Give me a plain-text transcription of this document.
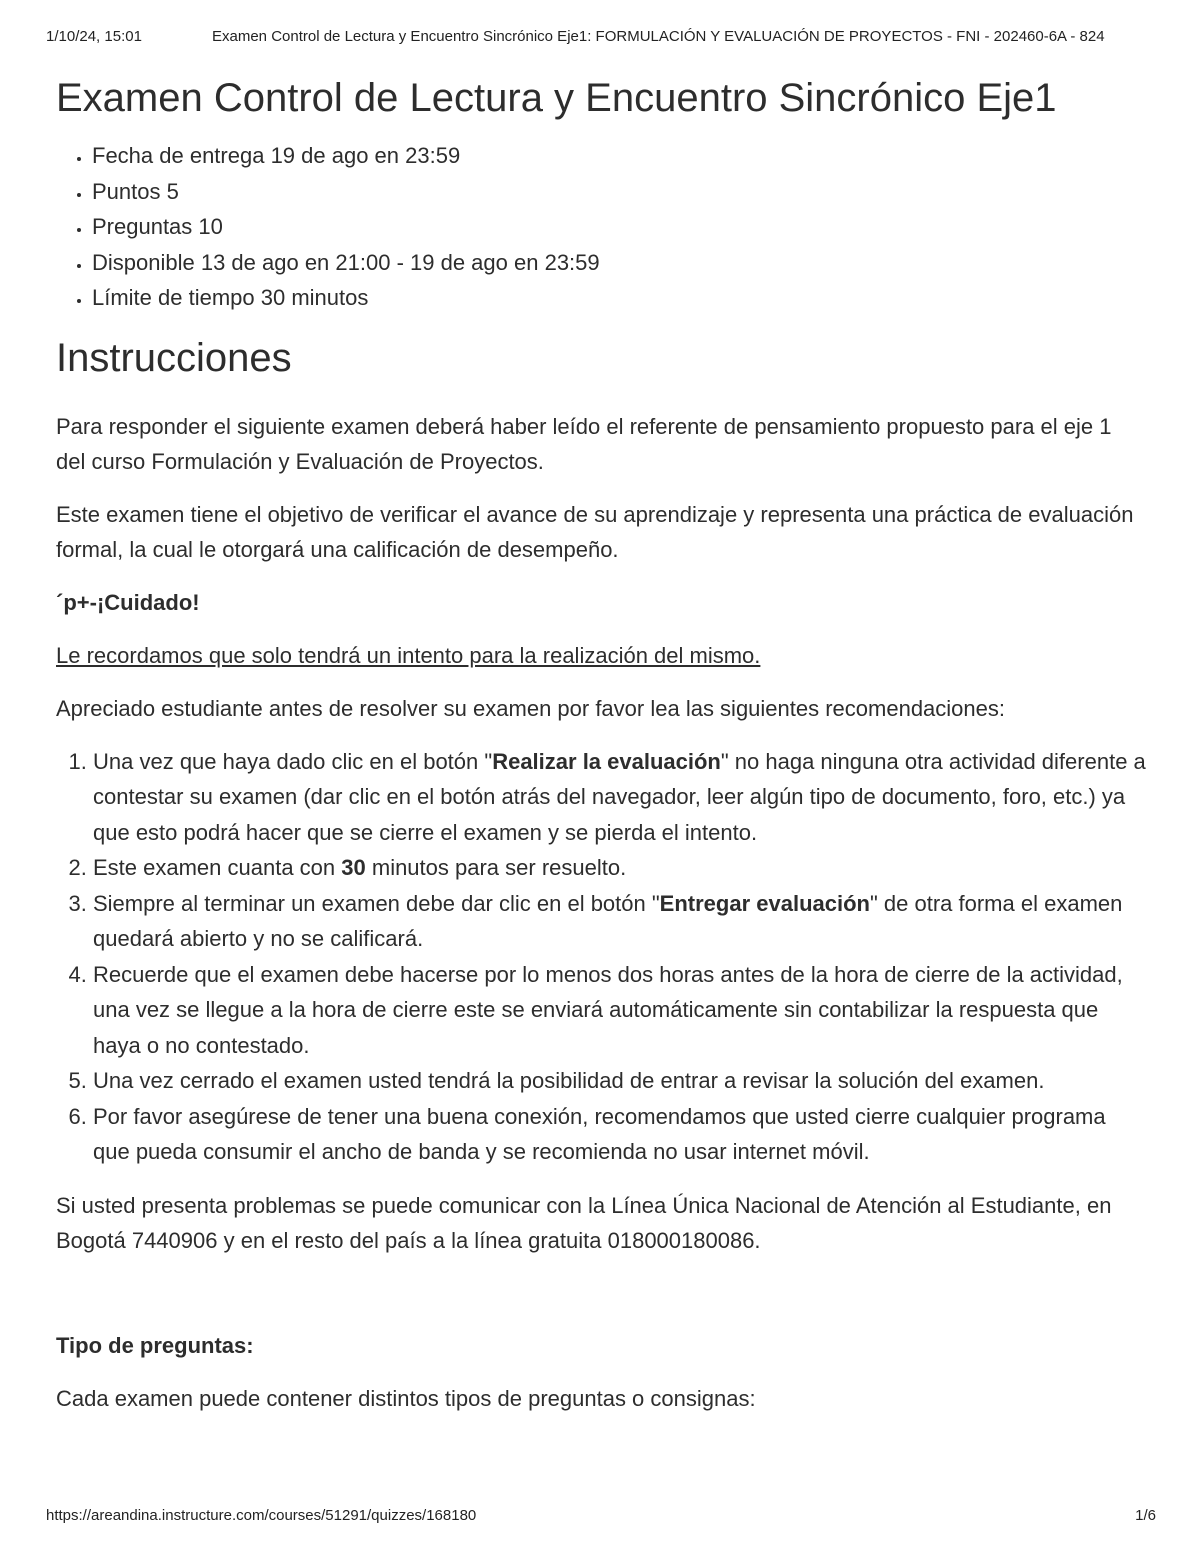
1/10/24, 15:01	Examen Control de Lectura y Encuentro Sincrónico Eje1: FORMULACIÓN Y EVALUACIÓN DE PROYECTOS - FNI - 202460-6A - 824
Examen Control de Lectura y Encuentro Sincrónico Eje1
• Fecha de entrega 19 de ago en 23:59
• Puntos 5
• Preguntas 10
• Disponible 13 de ago en 21:00 - 19 de ago en 23:59
• Límite de tiempo 30 minutos
Instrucciones

Para responder el siguiente examen deberá haber leído el referente de pensamiento propuesto para el eje 1 del curso Formulación y Evaluación de Proyectos.

Este examen tiene el objetivo de verificar el avance de su aprendizaje y representa una práctica de evaluación formal, la cual le otorgará una calificación de desempeño.

´p+-¡Cuidado!

Le recordamos que solo tendrá un intento para la realización del mismo.

Apreciado estudiante antes de resolver su examen por favor lea las siguientes recomendaciones:

1. Una vez que haya dado clic en el botón "Realizar la evaluación" no haga ninguna otra actividad diferente a contestar su examen (dar clic en el botón atrás del navegador, leer algún tipo de documento, foro, etc.) ya que esto podrá hacer que se cierre el examen y se pierda el intento.
2. Este examen cuanta con 30 minutos para ser resuelto.
3. Siempre al terminar un examen debe dar clic en el botón "Entregar evaluación" de otra forma el examen quedará abierto y no se calificará.
4. Recuerde que el examen debe hacerse por lo menos dos horas antes de la hora de cierre de la actividad, una vez se llegue a la hora de cierre este se enviará automáticamente sin contabilizar la respuesta que haya o no contestado.
5. Una vez cerrado el examen usted tendrá la posibilidad de entrar a revisar la solución del examen.
6. Por favor asegúrese de tener una buena conexión, recomendamos que usted cierre cualquier programa que pueda consumir el ancho de banda y se recomienda no usar internet móvil.

Si usted presenta problemas se puede comunicar con la Línea Única Nacional de Atención al Estudiante, en Bogotá 7440906 y en el resto del país a la línea gratuita 018000180086.

Tipo de preguntas:

Cada examen puede contener distintos tipos de preguntas o consignas:

https://areandina.instructure.com/courses/51291/quizzes/168180	1/6
